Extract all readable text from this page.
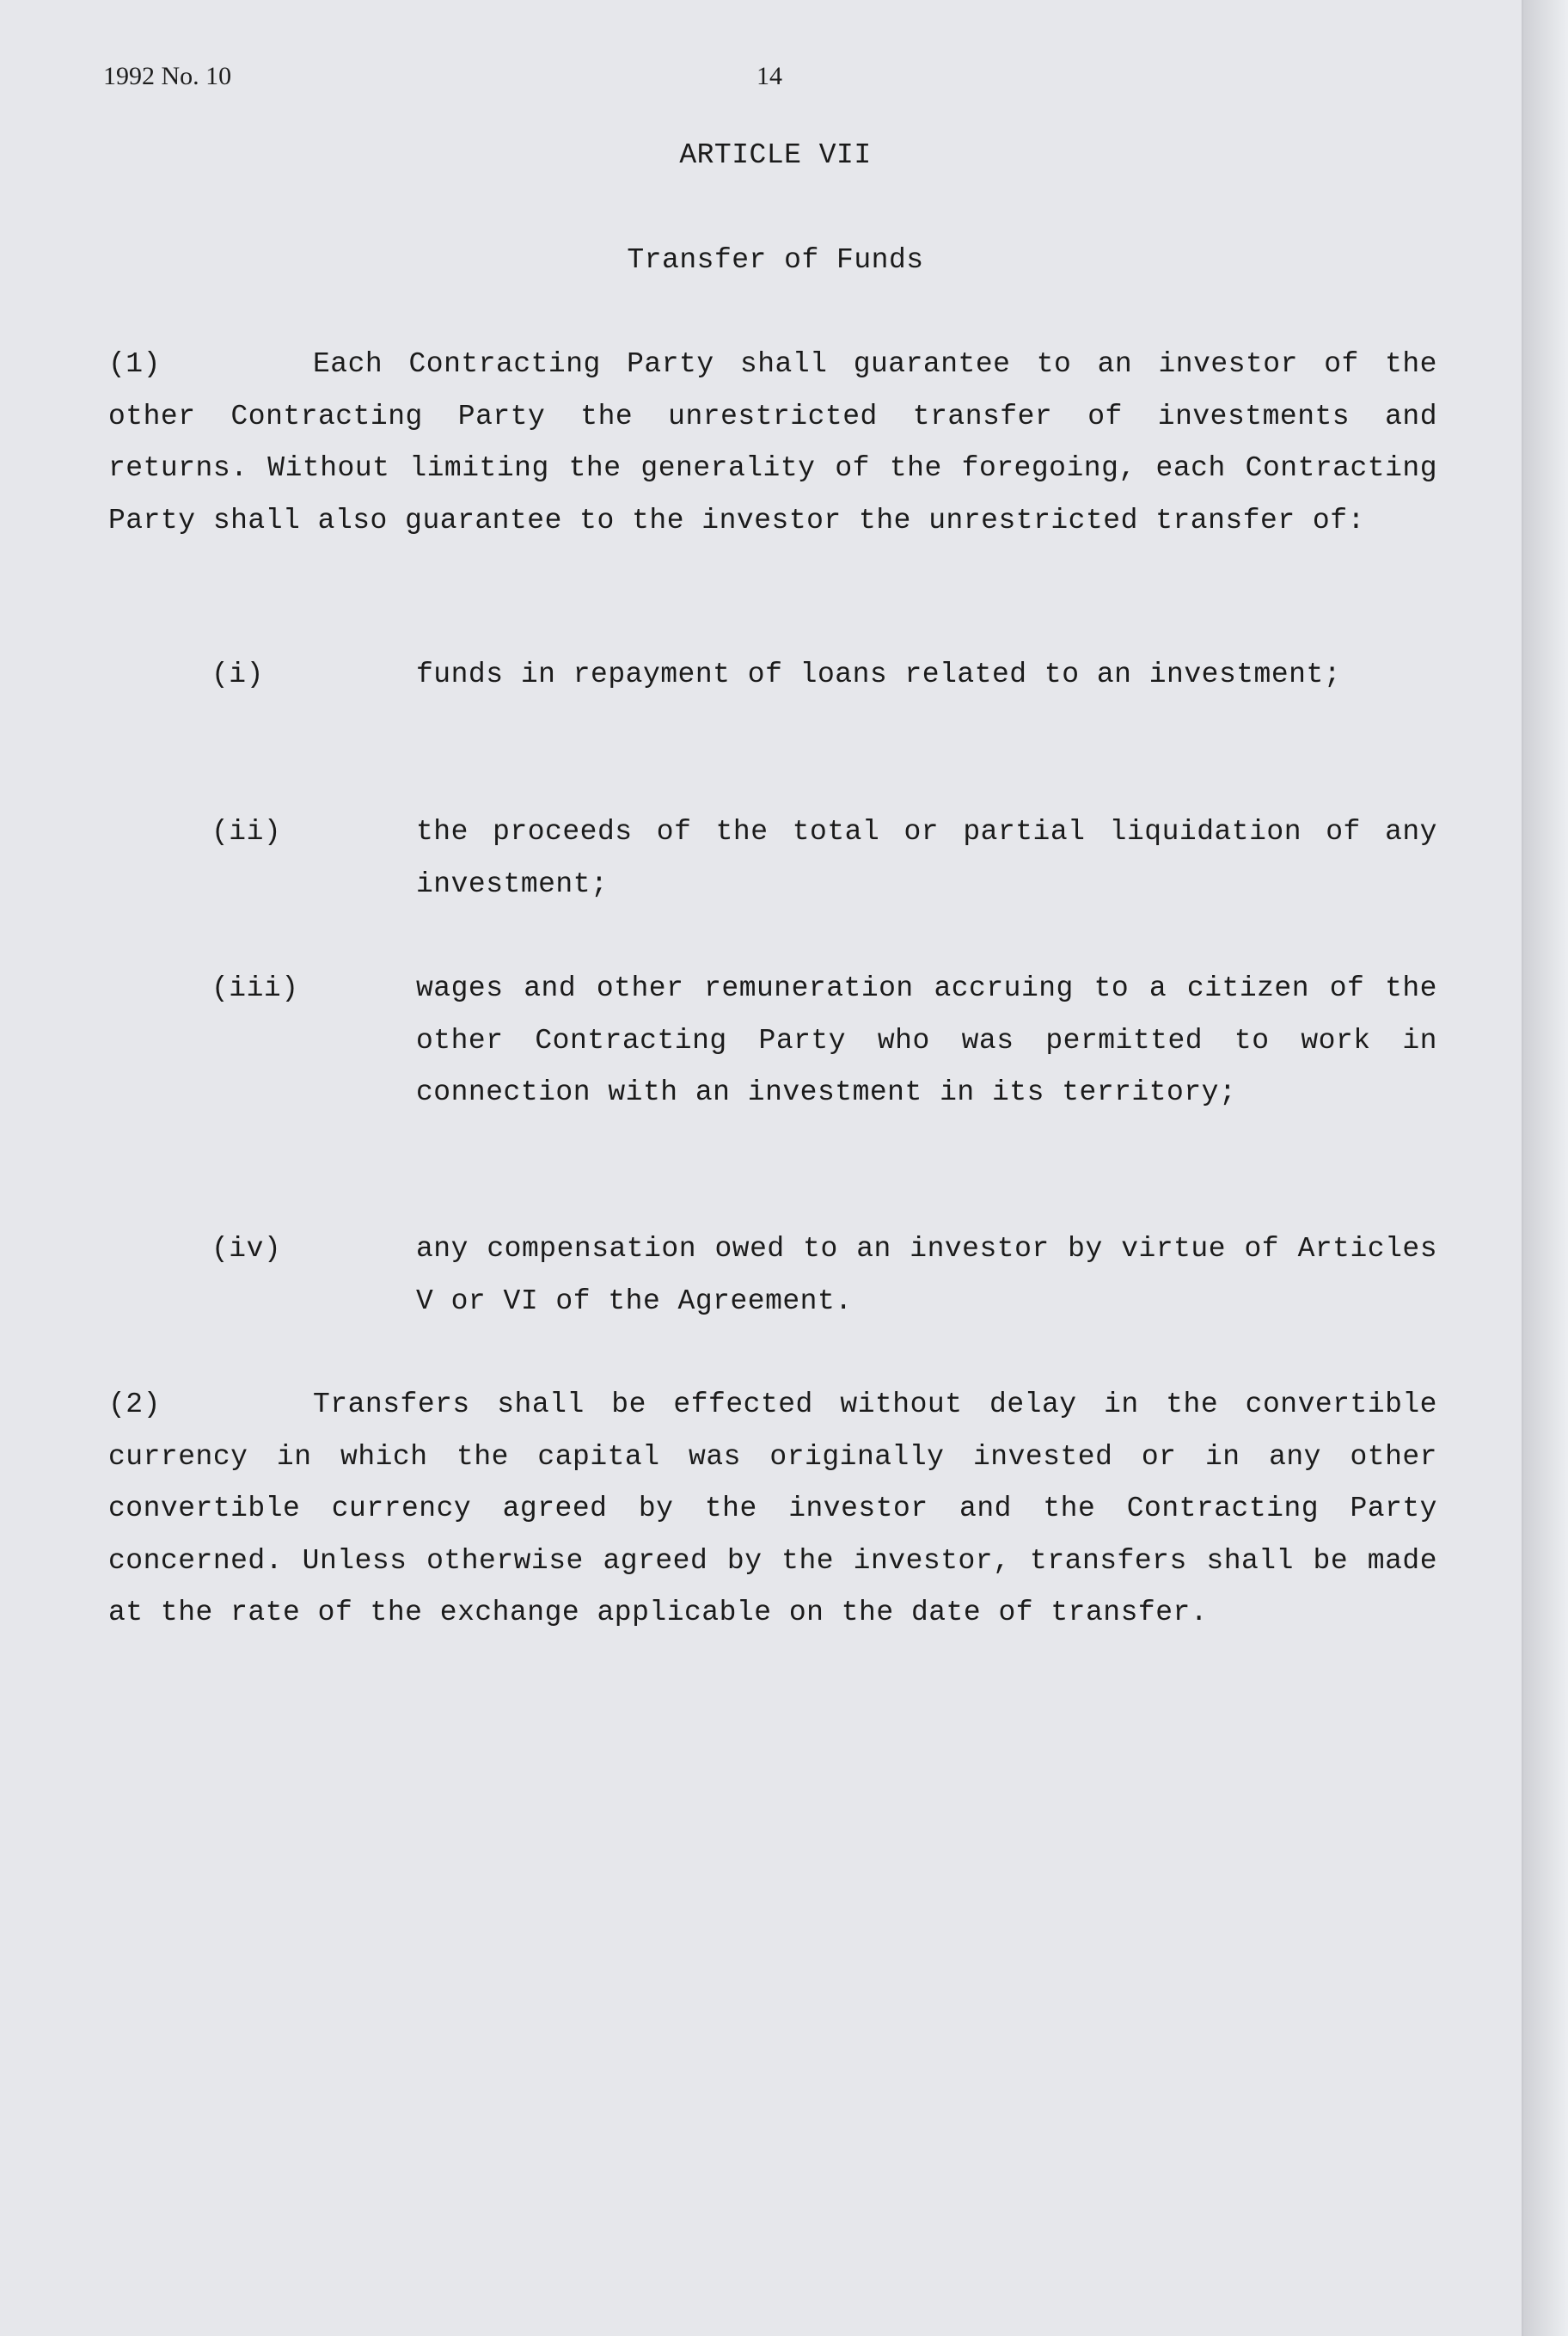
1992 No. 10	14
ARTICLE VII
Transfer of Funds
(1)	Each Contracting Party shall guarantee to an investor of the other Contracting Party the unrestricted transfer of investments and returns. Without limiting the generality of the foregoing, each Contracting Party shall also guarantee to the investor the unrestricted transfer of:
(i)	funds in repayment of loans related to an investment;
(ii)	the proceeds of the total or partial liquidation of any investment;
(iii)	wages and other remuneration accruing to a citizen of the other Contracting Party who was permitted to work in connection with an investment in its territory;
(iv)	any compensation owed to an investor by virtue of Articles V or VI of the Agreement.
(2)	Transfers shall be effected without delay in the convertible currency in which the capital was originally invested or in any other convertible currency agreed by the investor and the Contracting Party concerned. Unless otherwise agreed by the investor, transfers shall be made at the rate of the exchange applicable on the date of transfer.
